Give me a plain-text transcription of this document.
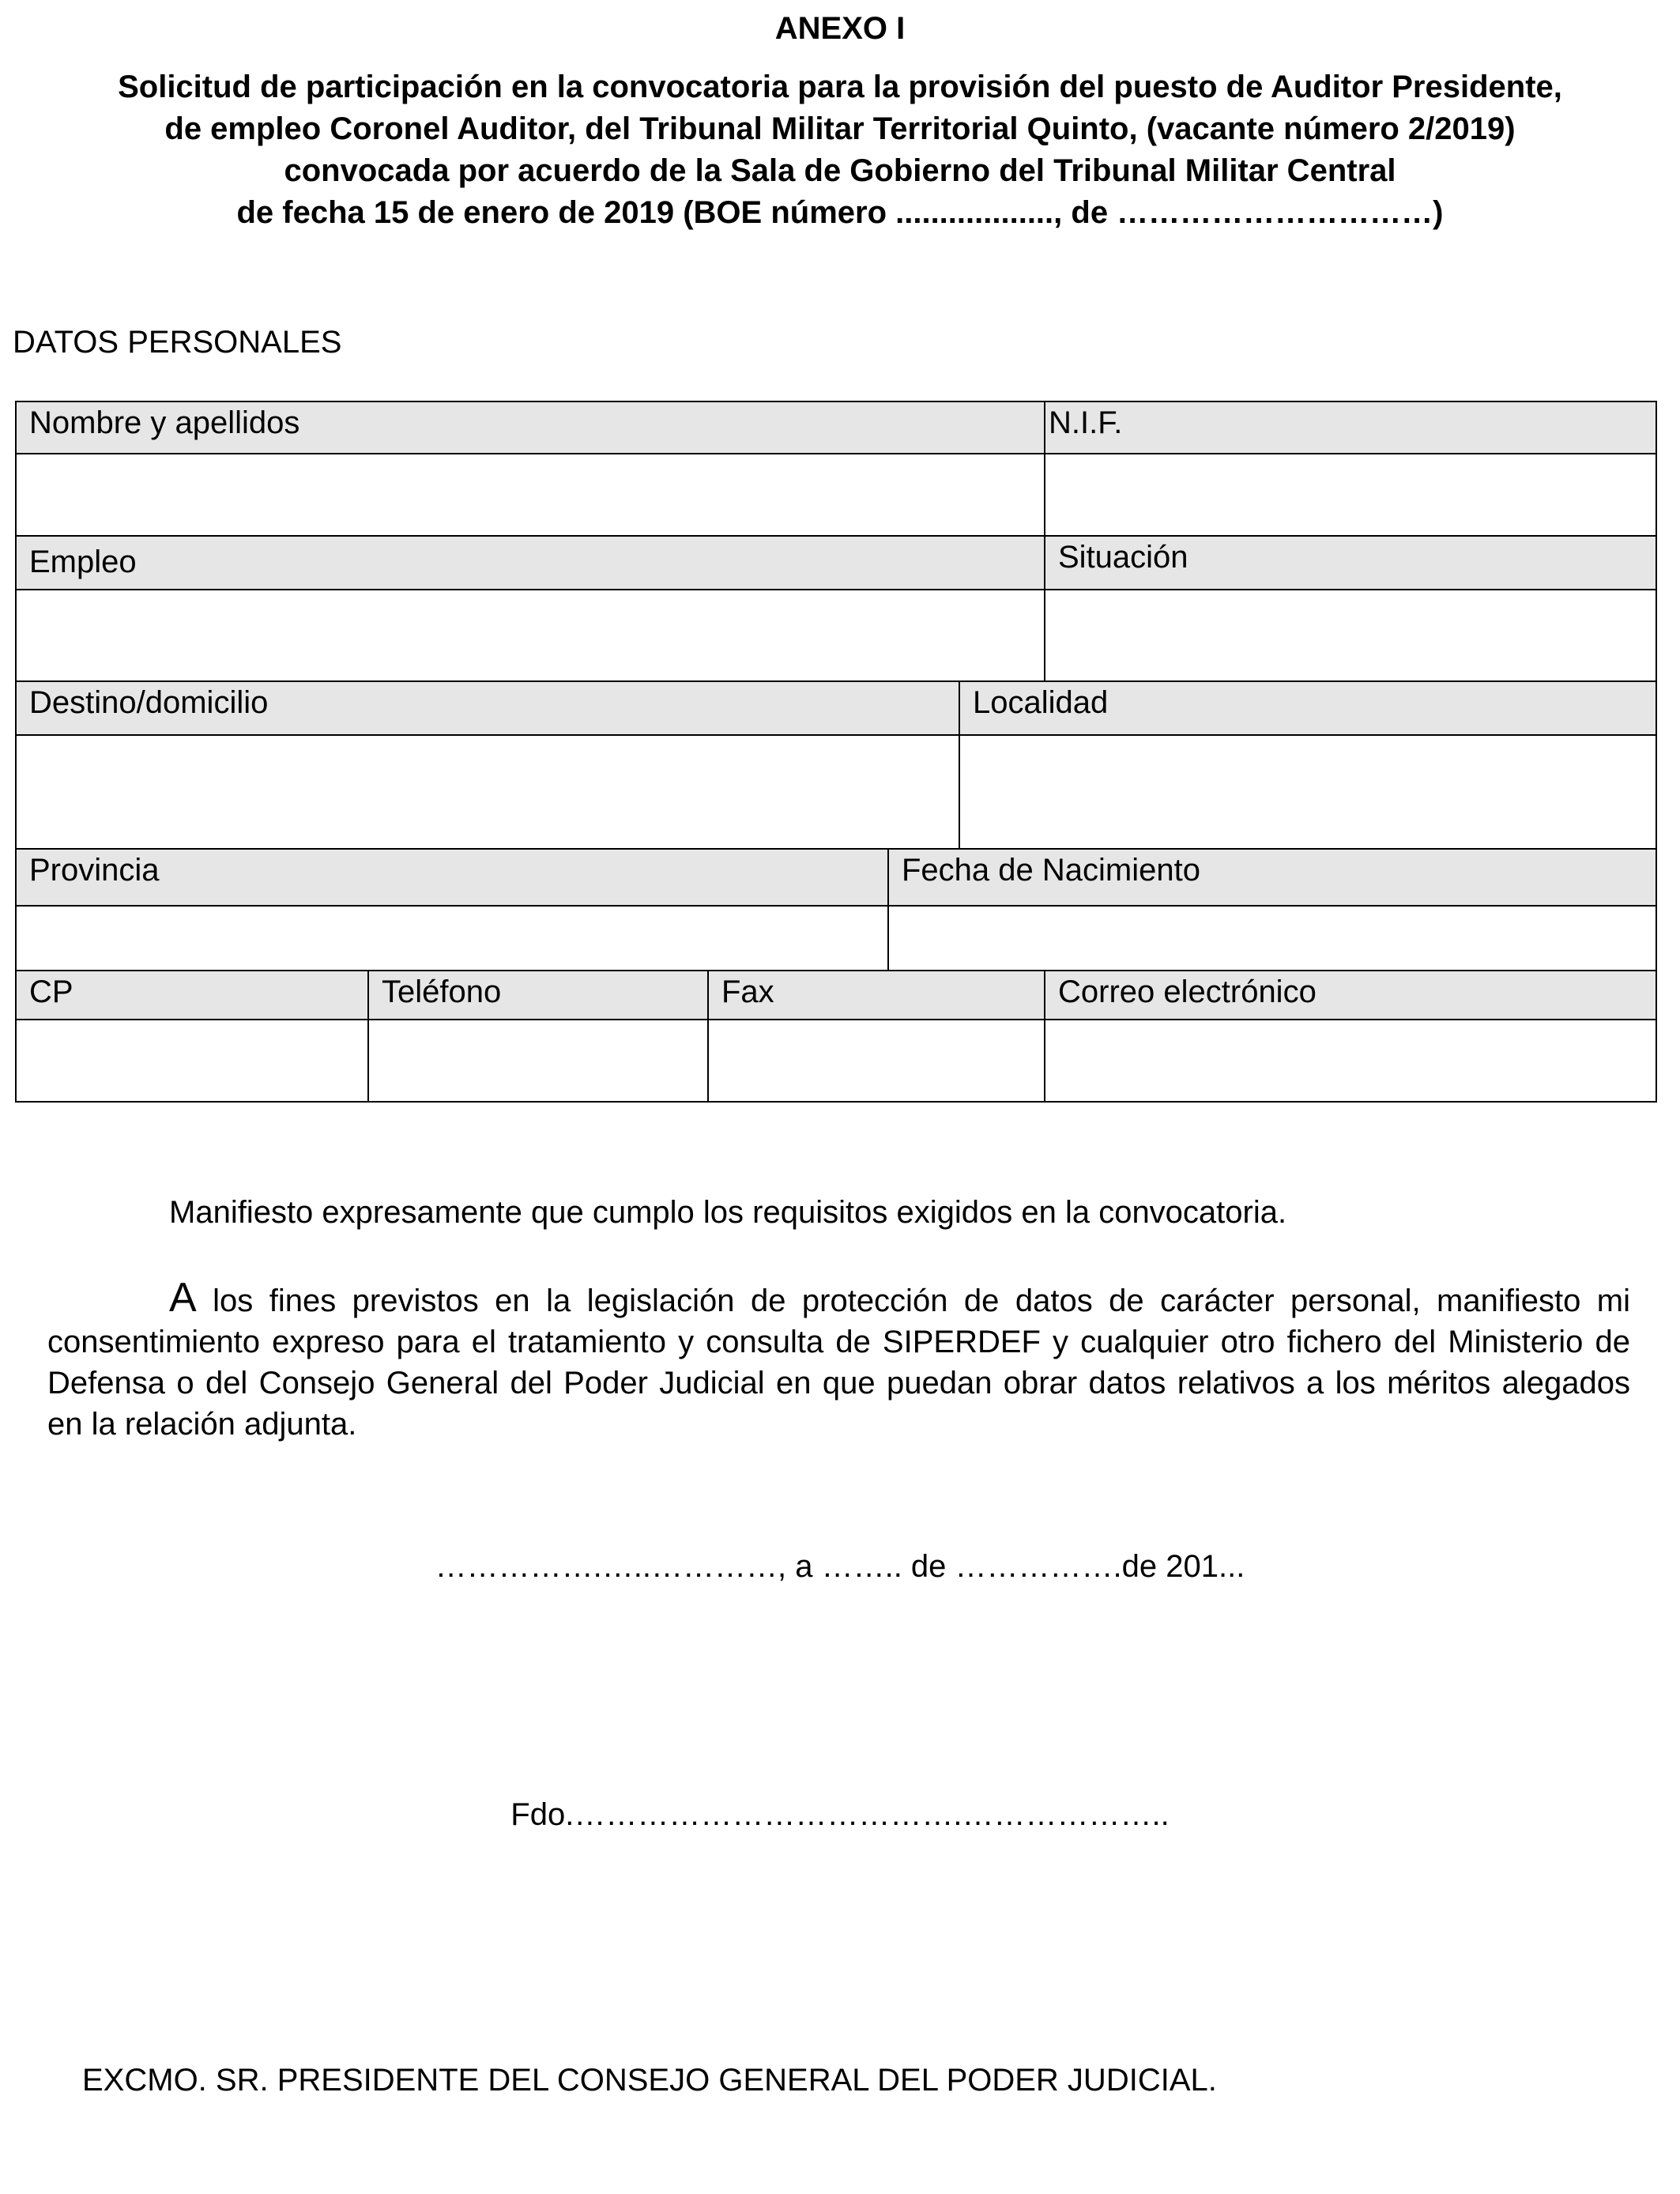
ANEXO I
Solicitud de participación en la convocatoria para la provisión del puesto de Auditor Presidente,
de empleo Coronel Auditor, del Tribunal Militar Territorial Quinto, (vacante número 2/2019)
convocada por acuerdo de la Sala de Gobierno del Tribunal Militar Central
de fecha 15 de enero de 2019 (BOE número .................., de …………………………)
DATOS PERSONALES
Nombre y apellidos	N.I.F.
Empleo	Situación
Destino/domicilio	Localidad
Provincia	Fecha de Nacimiento
CP	Teléfono	Fax	Correo electrónico
Manifiesto expresamente que cumplo los requisitos exigidos en la convocatoria.
A los fines previstos en la legislación de protección de datos de carácter personal, manifiesto mi consentimiento expreso para el tratamiento y consulta de SIPERDEF y cualquier otro fichero del Ministerio de Defensa o del Consejo General del Poder Judicial en que puedan obrar datos relativos a los méritos alegados en la relación adjunta.
…………….…..…………, a …….. de …………….de 201...
Fdo.……………………………….………………..
EXCMO. SR. PRESIDENTE DEL CONSEJO GENERAL DEL PODER JUDICIAL.
